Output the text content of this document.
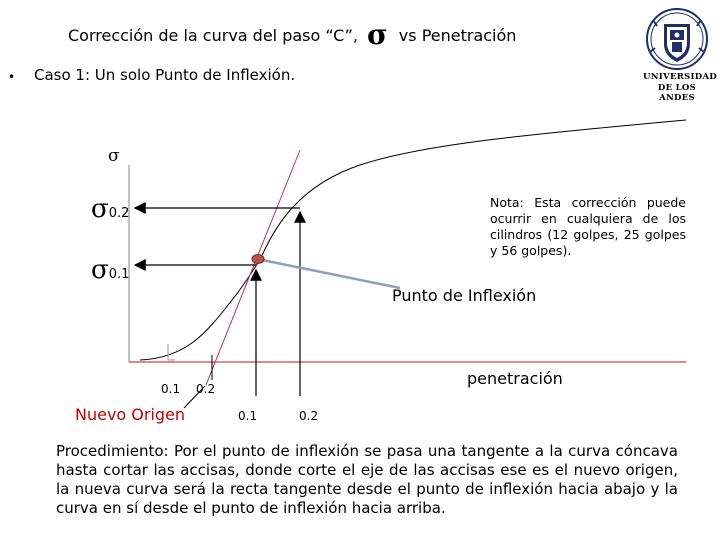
Corrección de la curva del paso “C”, σ vs Penetración
• Caso 1: Un solo Punto de Inflexión.	UNIVERSIDAD
DE LOS ANDES
σ
σ0.2
σ0.1
Nota: Esta corrección puede ocurrir en cualquiera de los cilindros (12 golpes, 25 golpes y 56 golpes).
Punto de Inflexión
penetración
0.1 0.2
0.1	0.2
Nuevo Origen
Procedimiento: Por el punto de inflexión se pasa una tangente a la curva cóncava hasta cortar las accisas, donde corte el eje de las accisas ese es el nuevo origen, la nueva curva será la recta tangente desde el punto de inflexión hacia abajo y la curva en sí desde el punto de inflexión hacia arriba.
